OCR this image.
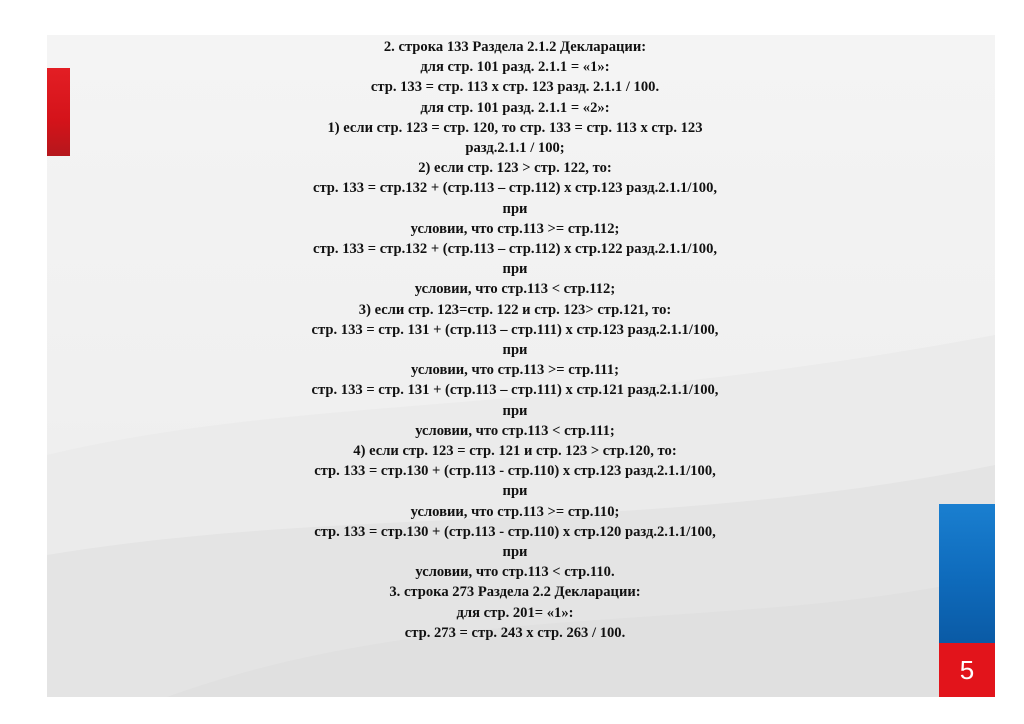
5
2. строка 133 Раздела 2.1.2 Декларации:
для стр. 101 разд. 2.1.1 = «1»:
стр. 133 = стр. 113 х стр. 123 разд. 2.1.1 / 100.
для стр. 101 разд. 2.1.1 = «2»:
1) если стр. 123 = стр. 120, то стр. 133 = стр. 113 х стр. 123
разд.2.1.1 / 100;
2) если стр. 123 > стр. 122, то:
стр. 133 = стр.132 + (стр.113 – стр.112) х стр.123 разд.2.1.1/100,
при
условии, что стр.113 >= стр.112;
стр. 133 = стр.132 + (стр.113 – стр.112) х стр.122 разд.2.1.1/100,
при
условии, что стр.113 < стр.112;
3) если стр. 123=стр. 122 и стр. 123> стр.121, то:
стр. 133 = стр. 131 + (стр.113 – стр.111) х стр.123 разд.2.1.1/100,
при
условии, что стр.113 >= стр.111;
стр. 133 = стр. 131 + (стр.113 – стр.111) х стр.121 разд.2.1.1/100,
при
условии, что стр.113 < стр.111;
4) если стр. 123 = стр. 121 и стр. 123 > стр.120, то:
стр. 133 = стр.130 + (стр.113 - стр.110) х стр.123 разд.2.1.1/100,
при
условии, что стр.113 >= стр.110;
стр. 133 = стр.130 + (стр.113 - стр.110) х стр.120 разд.2.1.1/100,
при
условии, что стр.113 < стр.110.
3. строка 273 Раздела 2.2 Декларации:
для стр. 201= «1»:
стр. 273 = стр. 243 х стр. 263 / 100.
